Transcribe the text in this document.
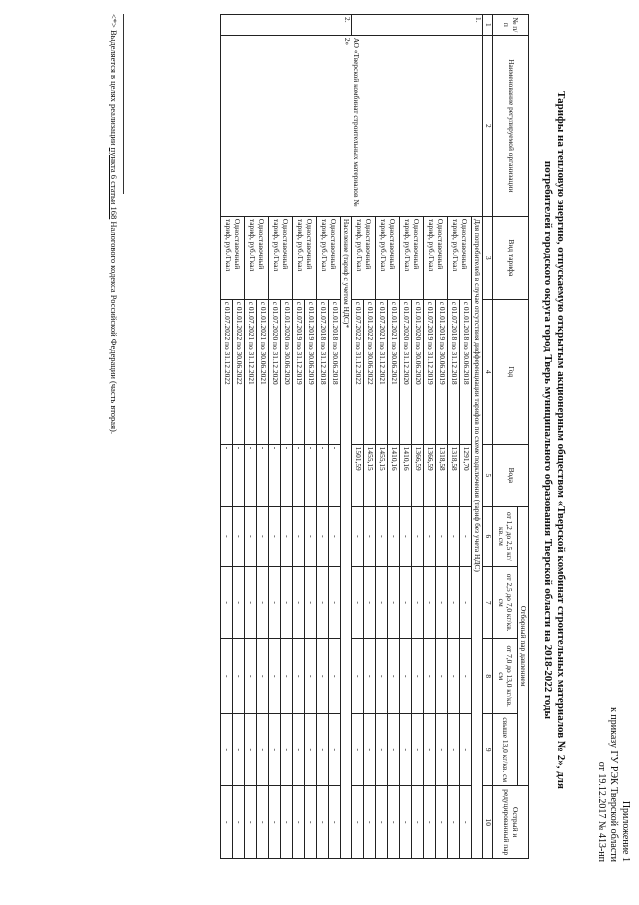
Приложение 1
к приказу ГУ РЭК Тверской области
от 19.12.2017 № 413-нп
Тарифы на тепловую энергию, отпускаемую открытым акционерным обществом «Тверской комбинат строительных материалов № 2», для
потребителей городского округа город Тверь муниципального образования Тверской области на 2018-2022 годы
№ п/ п	Наименование регулируемой организации	Вид тарифа	Год	Вода	Отборный пар давлением				Острый и редуцированный пар
					от 1,2 до 2,5 кг/кв. см	от 2,5 до 7,0 кг/кв. см	от 7,0 до 13,0 кг/кв. см	свыше 13,0 кг/кв. см	
1	2	3	4	5	6	7	8	9	10
1.	АО «Тверской комбинат строительных материалов № 2»	Для потребителей в случае отсутствия дифференциации тарифов по схеме подключения (тариф без учета НДС)							

		Одноставочный
тариф, руб./Гкал	с 01.01.2018 по 30.06.2018	1291,70	-	-	-	-	-
			с 01.07.2018 по 31.12.2018	1318,58	-	-	-	-	-

		Одноставочный
тариф, руб./Гкал	с 01.01.2019 по 30.06.2019	1318,58	-	-	-	-	-
			с 01.07.2019 по 31.12.2019	1366,59	-	-	-	-	-

		Одноставочный
тариф, руб./Гкал	с 01.01.2020 по 30.06.2020	1366,59	-	-	-	-	-
			с 01.07.2020 по 31.12.2020	1410,16	-	-	-	-	-

		Одноставочный
тариф, руб./Гкал	с 01.01.2021 по 30.06.2021	1410,16	-	-	-	-	-
			с 01.07.2021 по 31.12.2021	1455,15	-	-	-	-	-

		Одноставочный
тариф, руб./Гкал	с 01.01.2022 по 30.06.2022	1455,15	-	-	-	-	-
			с 01.07.2022 по 31.12.2022	1501,59	-	-	-	-	-
2.		Население (тариф с учетом НДС)*							

		Одноставочный
тариф, руб./Гкал	с 01.01.2018 по 30.06.2018	-	-	-	-	-	-
			с 01.07.2018 по 31.12.2018	-	-	-	-	-	-

		Одноставочный
тариф, руб./Гкал	с 01.01.2019 по 30.06.2019	-	-	-	-	-	-
			с 01.07.2019 по 31.12.2019	-	-	-	-	-	-

		Одноставочный
тариф, руб./Гкал	с 01.01.2020 по 30.06.2020	-	-	-	-	-	-
			с 01.07.2020 по 31.12.2020	-	-	-	-	-	-

		Одноставочный
тариф, руб./Гкал	с 01.01.2021 по 30.06.2021	-	-	-	-	-	-
			с 01.07.2021 по 31.12.2021	-	-	-	-	-	-

		Одноставочный
тариф, руб./Гкал	с 01.01.2022 по 30.06.2022	-	-	-	-	-	-
			с 01.07.2022 по 31.12.2022	-	-	-	-	-	-
<*> Выделяется в целях реализации пункта 6 статьи 168 Налогового кодекса Российской Федерации (часть вторая).
